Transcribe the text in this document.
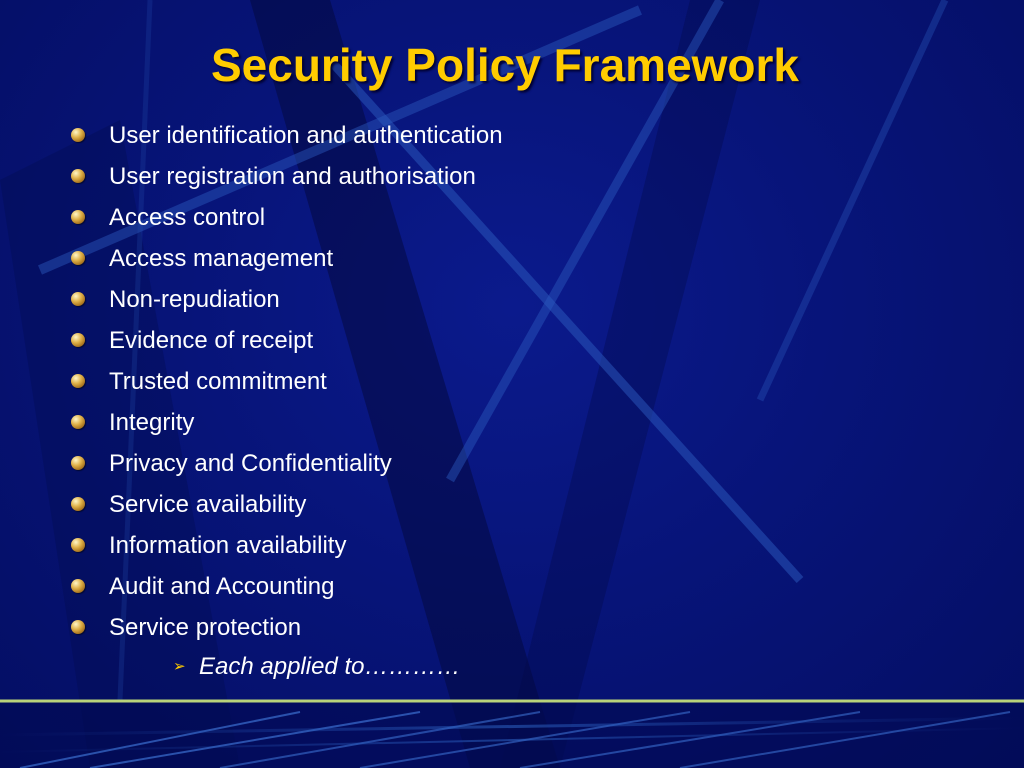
Security Policy Framework
User identification and authentication
User registration and authorisation
Access control
Access management
Non-repudiation
Evidence of receipt
Trusted commitment
Integrity
Privacy and Confidentiality
Service availability
Information availability
Audit and Accounting
Service protection
➢ Each applied to…………
